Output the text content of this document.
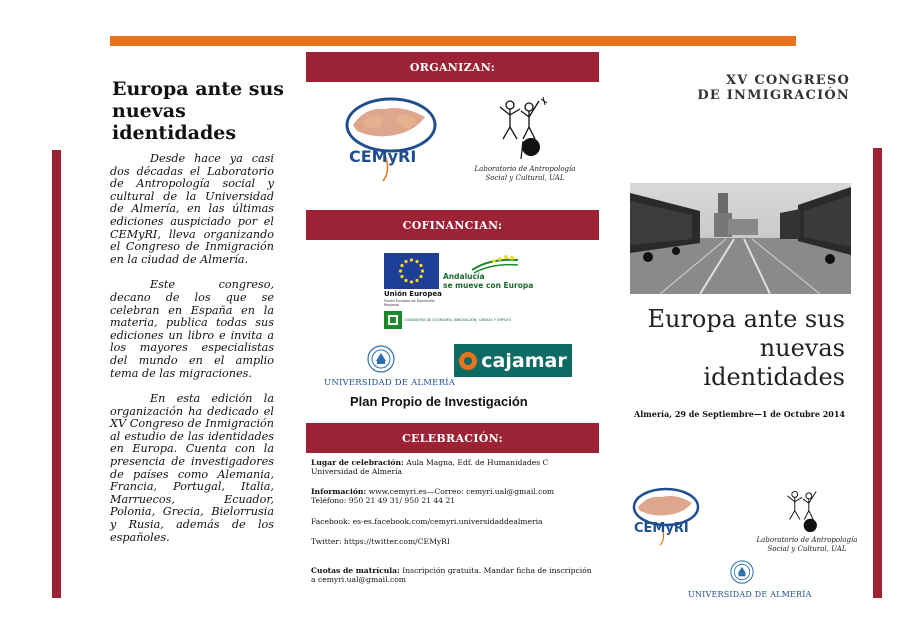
Europa ante sus nuevas identidades

Desde hace ya casi dos décadas el Laboratorio de Antropología social y cultural de la Universidad de Almería, en las últimas ediciones auspiciado por el CEMyRI, lleva organizando el Congreso de Inmigración en la ciudad de Almería.

Este congreso, decano de los que se celebran en España en la materia, publica todas sus ediciones un libro e invita a los mayores especialistas del mundo en el amplio tema de las migraciones.

En esta edición la organización ha dedicado el XV Congreso de Inmigración al estudio de las identidades en Europa. Cuenta con la presencia de investigadores de países como Alemania, Francia, Portugal, Italia, Marruecos, Ecuador, Polonia, Grecia, Bielorrusia y Rusia, además de los españoles.

ORGANIZAN:
CEMyRI
Laboratorio de Antropología Social y Cultural, UAL
COFINANCIAN:
Unión Europea
Fondo Europeo de Desarrollo Regional
Andalucía
se mueve con Europa
CONSEJERÍA DE ECONOMÍA, INNOVACIÓN, CIENCIA Y EMPLEO
UNIVERSIDAD DE ALMERÍA
cajamar
Plan Propio de Investigación
CELEBRACIÓN:
Lugar de celebración: Aula Magna, Edf. de Humanidades C
Universidad de Almería
Información: www.cemyri.es—Correo: cemyri.ual@gmail.com
Teléfono: 950 21 49 31/ 950 21 44 21
Facebook: es-es.facebook.com/cemyri.universidaddealmeria
Twitter: https://twitter.com/CEMyRI
Cuotas de matrícula: Inscripción gratuita. Mandar ficha de inscripción a cemyri.ual@gmail.com
XV CONGRESO
DE INMIGRACIÓN
Europa ante sus nuevas identidades
Almería, 29 de Septiembre—1 de Octubre 2014
CEMyRI
Laboratorio de Antropología Social y Cultural, UAL
UNIVERSIDAD DE ALMERÍA
